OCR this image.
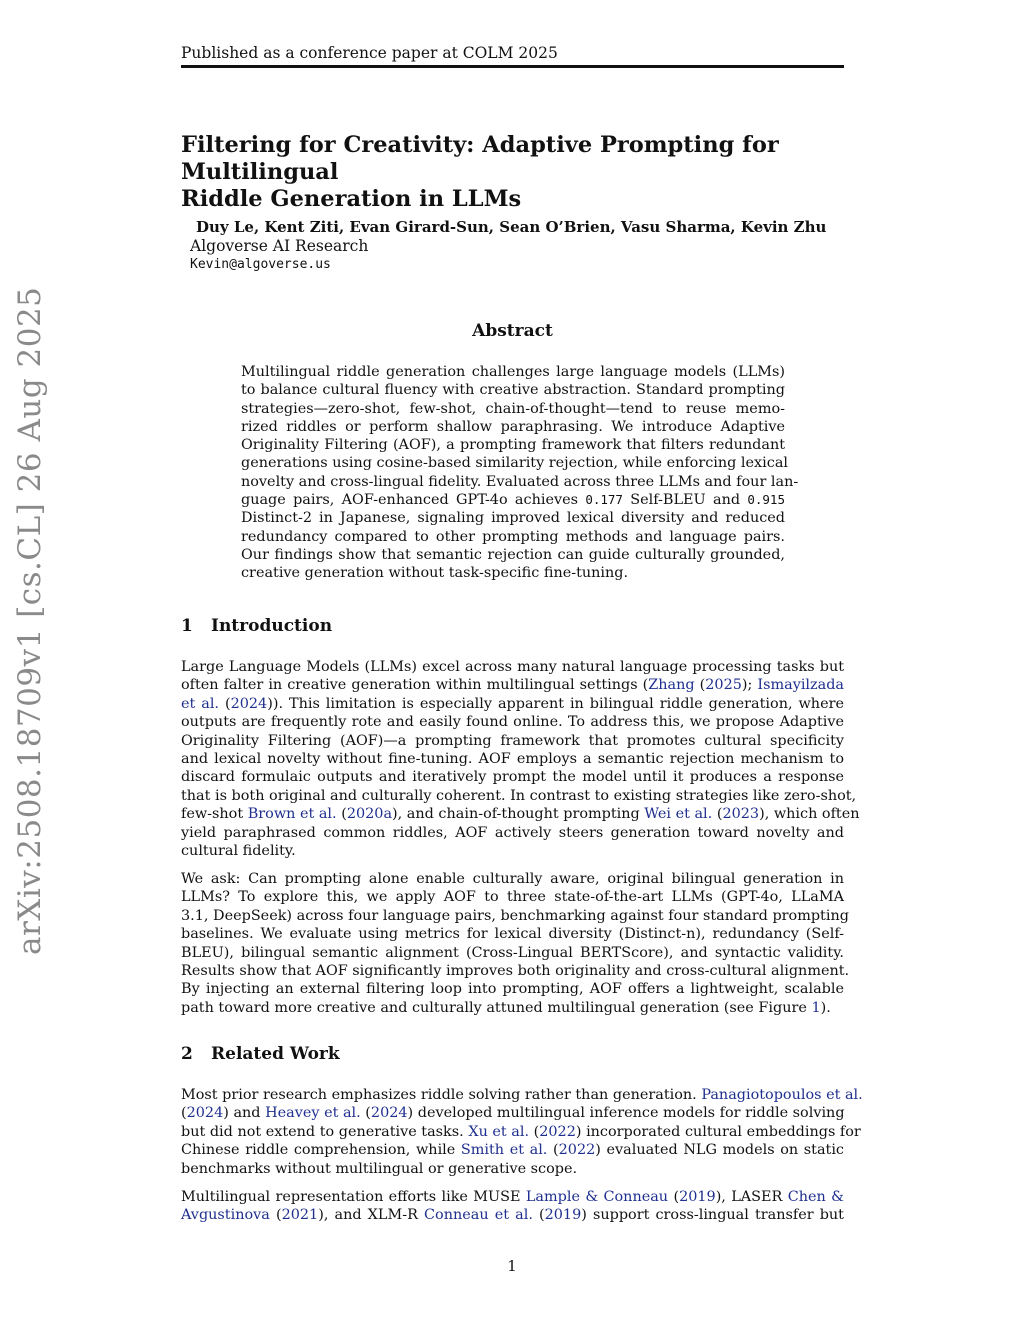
Published as a conference paper at COLM 2025
arXiv:2508.18709v1 [cs.CL] 26 Aug 2025
Filtering for Creativity: Adaptive Prompting for Multilingual
Riddle Generation in LLMs
Duy Le, Kent Ziti, Evan Girard-Sun, Sean O’Brien, Vasu Sharma, Kevin Zhu
Algoverse AI Research
Kevin@algoverse.us
Abstract
Multilingual riddle generation challenges large language models (LLMs)
to balance cultural fluency with creative abstraction. Standard prompting
strategies—zero-shot, few-shot, chain-of-thought—tend to reuse memo-
rized riddles or perform shallow paraphrasing. We introduce Adaptive
Originality Filtering (AOF), a prompting framework that filters redundant
generations using cosine-based similarity rejection, while enforcing lexical
novelty and cross-lingual fidelity. Evaluated across three LLMs and four lan-
guage pairs, AOF-enhanced GPT-4o achieves 0.177 Self-BLEU and 0.915
Distinct-2 in Japanese, signaling improved lexical diversity and reduced
redundancy compared to other prompting methods and language pairs.
Our findings show that semantic rejection can guide culturally grounded,
creative generation without task-specific fine-tuning.
1 Introduction
Large Language Models (LLMs) excel across many natural language processing tasks but
often falter in creative generation within multilingual settings (Zhang (2025); Ismayilzada
et al. (2024)). This limitation is especially apparent in bilingual riddle generation, where
outputs are frequently rote and easily found online. To address this, we propose Adaptive
Originality Filtering (AOF)—a prompting framework that promotes cultural specificity
and lexical novelty without fine-tuning. AOF employs a semantic rejection mechanism to
discard formulaic outputs and iteratively prompt the model until it produces a response
that is both original and culturally coherent. In contrast to existing strategies like zero-shot,
few-shot Brown et al. (2020a), and chain-of-thought prompting Wei et al. (2023), which often
yield paraphrased common riddles, AOF actively steers generation toward novelty and
cultural fidelity.
We ask: Can prompting alone enable culturally aware, original bilingual generation in
LLMs? To explore this, we apply AOF to three state-of-the-art LLMs (GPT-4o, LLaMA
3.1, DeepSeek) across four language pairs, benchmarking against four standard prompting
baselines. We evaluate using metrics for lexical diversity (Distinct-n), redundancy (Self-
BLEU), bilingual semantic alignment (Cross-Lingual BERTScore), and syntactic validity.
Results show that AOF significantly improves both originality and cross-cultural alignment.
By injecting an external filtering loop into prompting, AOF offers a lightweight, scalable
path toward more creative and culturally attuned multilingual generation (see Figure 1).
2 Related Work
Most prior research emphasizes riddle solving rather than generation. Panagiotopoulos et al.
(2024) and Heavey et al. (2024) developed multilingual inference models for riddle solving
but did not extend to generative tasks. Xu et al. (2022) incorporated cultural embeddings for
Chinese riddle comprehension, while Smith et al. (2022) evaluated NLG models on static
benchmarks without multilingual or generative scope.
Multilingual representation efforts like MUSE Lample & Conneau (2019), LASER Chen &
Avgustinova (2021), and XLM-R Conneau et al. (2019) support cross-lingual transfer but
1
